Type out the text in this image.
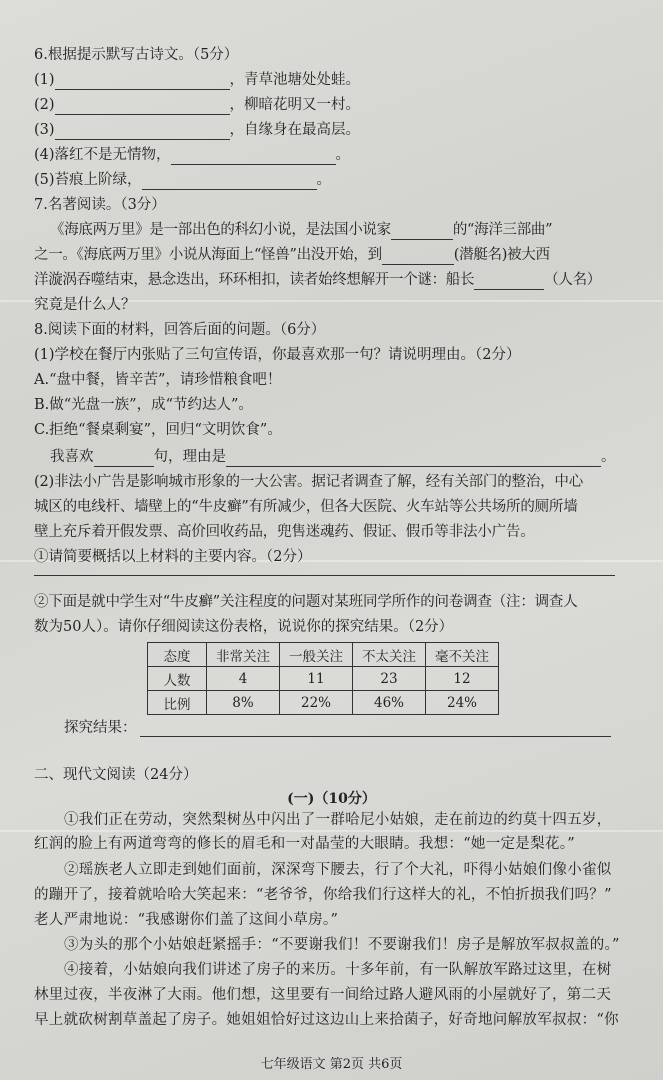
6.根据提示默写古诗文。（5分）
(1)	，青草池塘处处蛙。
(2)	，柳暗花明又一村。
(3)	，自缘身在最高层。
(4)落红不是无情物，	。
(5)苔痕上阶绿，	。
7.名著阅读。（3分）
《海底两万里》是一部出色的科幻小说，是法国小说家	的“海洋三部曲”
之一。《海底两万里》小说从海面上“怪兽”出没开始，到	(潜艇名)被大西
洋漩涡吞噬结束，悬念迭出，环环相扣，读者始终想解开一个谜：船长	（人名）
究竟是什么人？
8.阅读下面的材料，回答后面的问题。（6分）
(1)学校在餐厅内张贴了三句宣传语，你最喜欢那一句？请说明理由。（2分）
A.“盘中餐，皆辛苦”，请珍惜粮食吧！
B.做“光盘一族”，成“节约达人”。
C.拒绝“餐桌剩宴”，回归“文明饮食”。
我喜欢	句，理由是	。
(2)非法小广告是影响城市形象的一大公害。据记者调查了解，经有关部门的整治，中心
城区的电线杆、墙壁上的“牛皮癣”有所减少，但各大医院、火车站等公共场所的厕所墙
壁上充斥着开假发票、高价回收药品，兜售迷魂药、假证、假币等非法小广告。
①请简要概括以上材料的主要内容。（2分）
②下面是就中学生对“牛皮癣”关注程度的问题对某班同学所作的问卷调查（注：调查人
数为50人）。请你仔细阅读这份表格，说说你的探究结果。（2分）
态度	非常关注	一般关注	不太关注	毫不关注
人数	4	11	23	12
比例	8%	22%	46%	24%
探究结果：
二、现代文阅读（24分）
(一)（10分）
①我们正在劳动，突然梨树丛中闪出了一群哈尼小姑娘，走在前边的约莫十四五岁，
红润的脸上有两道弯弯的修长的眉毛和一对晶莹的大眼睛。我想：“她一定是梨花。”
②瑶族老人立即走到她们面前，深深弯下腰去，行了个大礼，吓得小姑娘们像小雀似
的蹦开了，接着就哈哈大笑起来：“老爷爷，你给我们行这样大的礼，不怕折损我们吗？”
老人严肃地说：“我感谢你们盖了这间小草房。”
③为头的那个小姑娘赶紧摇手：“不要谢我们！不要谢我们！房子是解放军叔叔盖的。”
④接着，小姑娘向我们讲述了房子的来历。十多年前，有一队解放军路过这里，在树
林里过夜，半夜淋了大雨。他们想，这里要有一间给过路人避风雨的小屋就好了，第二天
早上就砍树割草盖起了房子。她姐姐恰好过这边山上来拾菌子，好奇地问解放军叔叔：“你
七年级语文 第2页 共6页
